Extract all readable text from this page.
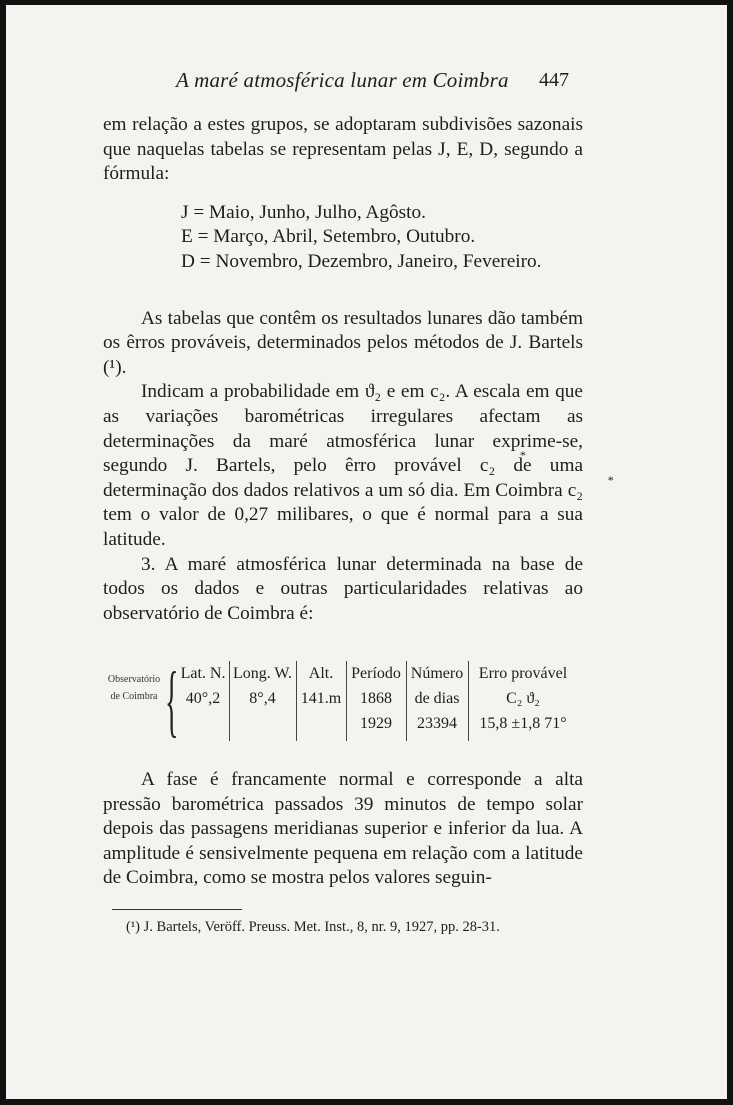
A maré atmosférica lunar em Coimbra 447

em relação a estes grupos, se adoptaram subdivisões sazonais que naquelas tabelas se representam pelas J, E, D, segundo a fórmula:

J = Maio, Junho, Julho, Agôsto.
E = Março, Abril, Setembro, Outubro.
D = Novembro, Dezembro, Janeiro, Fevereiro.

As tabelas que contêm os resultados lunares dão também os êrros prováveis, determinados pelos métodos de J. Bartels (¹).

Indicam a probabilidade em ϑ₂ e em c₂. A escala em que as variações barométricas irregulares afectam as determinações da maré atmosférica lunar exprime-se, segundo J. Bartels, pelo êrro provável * c₂ de uma determinação dos dados relativos a um só dia. Em Coimbra * c₂ tem o valor de 0,27 milibares, o que é normal para a sua latitude.

3. A maré atmosférica lunar determinada na base de todos os dados e outras particularidades relativas ao observatório de Coimbra é:

Observatório de Coimbra { Lat. N.
40°,2
Long. W.
8°,4
Alt.
141.m
Período
1868
1929
Número
de dias
23394
Erro provável
C₂ ϑ₂
15,8 ±1,8 71°

A fase é francamente normal e corresponde a alta pressão barométrica passados 39 minutos de tempo solar depois das passagens meridianas superior e inferior da lua. A amplitude é sensivelmente pequena em relação com a latitude de Coimbra, como se mostra pelos valores seguin-

(¹) J. Bartels, Veröff. Preuss. Met. Inst., 8, nr. 9, 1927, pp. 28-31.
